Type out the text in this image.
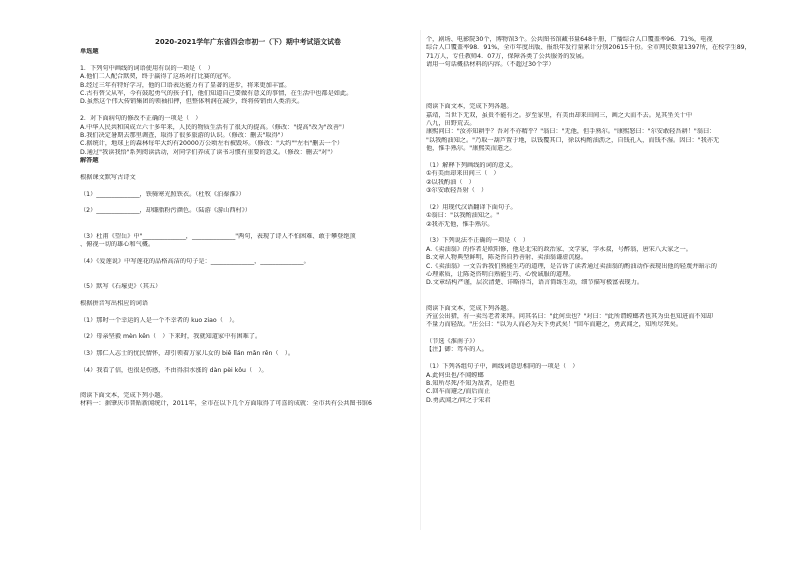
2020-2021学年广东省四会市初一（下）期中考试语文试卷
单选题
1．下列句中画线的词语使用有误的一项是（　）
A.他们二人配合默契，终于赢得了这场对打比赛的冠军。
B.经过三年有特好学习，他的口语表达能力有了显著的进步，将来更加丰富。
C.古有替父从军，今有鼓起勇气的孩子们，他们知道自己要做有意义的事情，在生活中也都是如此。
D.虽然这个伟大传销集团的领袖扣押，但整体利润在减少，终将传销由人类消灭。
2．对下面病句的修改不正确的一项是（　）
A.中华人民共和国成立六十多年来，人民的物质生活有了很大的提高。（修改："提高"改为"改善"）
B.我们决定暑期去那里调查，取得了很多旅游的认识。（修改：删去"取得"）
C.据统计，地球上的森林每年大约有20000万公顷左右被毁坏。（修改："大约""左右"删去一个）
D.通过"我读我悟"系列阅读活动，对同学们养成了读书习惯有重要的意义。（修改：删去"对"）
解答题
根据课文默写古诗文
（1）______________，铁骑寒光照铁衣。（杜牧《泊秦淮》）
（2）______________，却嫌脂粉污颜色。（陆游《游山西村》）
（3）杜甫《望岳》中"______________，______________"两句，表现了诗人不怕困难、敢于攀登绝顶
、俯视一切的雄心和气概。
（4）《爱莲说》中写莲花的品格高洁的句子是：______________，______________。
（5）默写《石壕吏》（其五）
根据拼音写出相应的词语
（1）那时一个幸运的人是一个不幸者的 kuo ziao（　）。
（2）母亲坚毅 mèn kěn（　）下来时，我就知道家中有困难了。
（3）那仁人志士的忧民情怀，却引领着万家儿女的 biě lǐán mǎn rěn（　）。
（4）我看了信，也很是伤感，不由得泪水涨的 dàn pèi kǒu（　）。
阅读下面文本，完成下列小题。
材料一：据肇庆市普贴新闻统计，2011年，全市在以下几个方面取得了可喜的成就：全市共有公共图书馆6
个，剧场、电影院30个，博物馆3个。公共图书馆藏书量648千册，广播综合人口覆盖率96．71%，电视
综合人口覆盖率98．91%，全市年度出版、报纸年发行量累计分别20615千份。全市网民数量1397所，在校学生89，
71万人，专任教师4．07万，保障各类了公共服务的发展。
请用一句话概括材料的内容。（不超过30个字）
阅读下面文本，完成下列各题。
嘉靖，当世下无双，虽贵不能有之。岁至家里，有美由却来田间三，画之大而不去。见其坐关十中
八九，田野荒去。
康熙问曰："汝亦知耕乎？吾对不亦精乎？"翁曰："无他，但手熟尔。"康熙怒曰："尔安敢轻吾耕！"翁曰：
"以我酌油知之。"乃取一葫芦置于地，以钱覆其口，徐以构酌油沥之，自钱孔入，而钱不湿。因曰："我亦无
他，惟手熟尔。"康熙笑而遣之。
（1）解释下列画线的词的意义。
①有美由却来田间三（　）
②以我酌油（　）
③尔安敢轻吾射（　）
（2）用现代汉语翻译下面句子。
①翁曰："以我酌油知之。"
②我亦无他，惟手熟尔。
（3）下列说法不正确的一项是（　）
A.《卖油翁》的作者是欧阳修，他是北宋的政治家、文学家，字永叔，号醉翁，唐宋八大家之一。
B.文章人物典型鲜明，陈尧咨自矜善射、卖油翁谦虚沉稳。
C.《卖油翁》一文告诉我们熟能生巧的道理，是告诉了读者通过卖油翁的酌油动作表现出他的轻蔑并暗示的
心理素质，让陈尧咨明白熟能生巧、心悦诚服的道理。
D.文章结构严谨，层次清楚、详略得当，语言简练生动，细节描写极富表现力。
阅读下面文本，完成下列各题。
齐宣公出猎，有一卖鸟老者来拜。问其名曰："此何虫也？"对曰："此所谓螳螂者也其为虫也知进而不知却
不量力而轻敌。"庄公曰："以为人而必为天下勇武矣！"回车而避之，勇武闻之，知所尽死矣。
（节选《淮南子》）
【注】御：驾车的人。
（1）下列各组句子中，画线词意思相同的一项是（　）
A.此何虫也/不闻螳螂
B.知所尽死/不知为敌者，是拒也
C.回车而避之/而后而止
D.勇武闻之/问之于宋君
